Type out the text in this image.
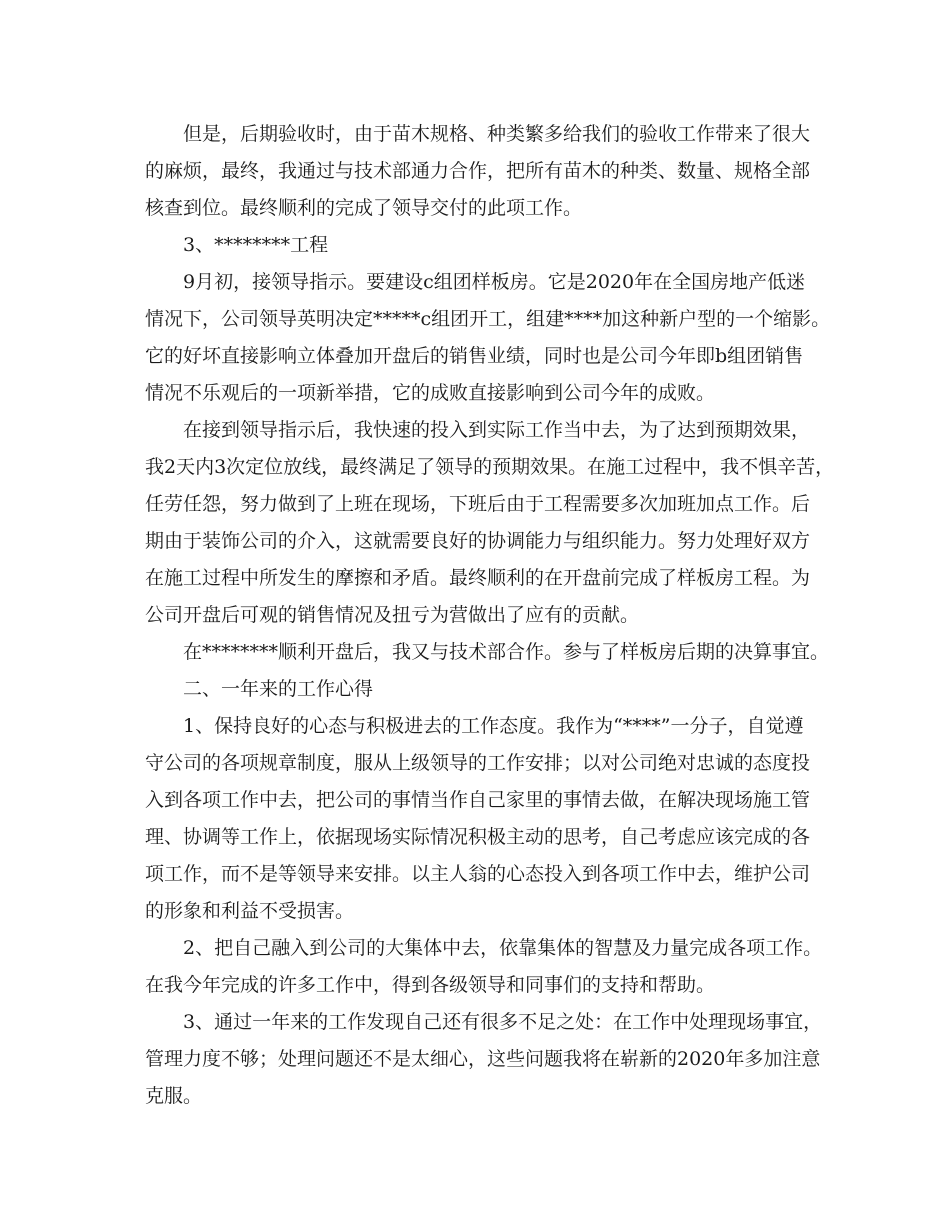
但是，后期验收时，由于苗木规格、种类繁多给我们的验收工作带来了很大
的麻烦，最终，我通过与技术部通力合作，把所有苗木的种类、数量、规格全部
核查到位。最终顺利的完成了领导交付的此项工作。
3、********工程
9月初，接领导指示。要建设c组团样板房。它是2020年在全国房地产低迷
情况下，公司领导英明决定*****c组团开工，组建****加这种新户型的一个缩影。
它的好坏直接影响立体叠加开盘后的销售业绩，同时也是公司今年即b组团销售
情况不乐观后的一项新举措，它的成败直接影响到公司今年的成败。
在接到领导指示后，我快速的投入到实际工作当中去，为了达到预期效果，
我2天内3次定位放线，最终满足了领导的预期效果。在施工过程中，我不惧辛苦，
任劳任怨，努力做到了上班在现场，下班后由于工程需要多次加班加点工作。后
期由于装饰公司的介入，这就需要良好的协调能力与组织能力。努力处理好双方
在施工过程中所发生的摩擦和矛盾。最终顺利的在开盘前完成了样板房工程。为
公司开盘后可观的销售情况及扭亏为营做出了应有的贡献。
在********顺利开盘后，我又与技术部合作。参与了样板房后期的决算事宜。
二、一年来的工作心得
1、保持良好的心态与积极进去的工作态度。我作为“****”一分子，自觉遵
守公司的各项规章制度，服从上级领导的工作安排；以对公司绝对忠诚的态度投
入到各项工作中去，把公司的事情当作自己家里的事情去做，在解决现场施工管
理、协调等工作上，依据现场实际情况积极主动的思考，自己考虑应该完成的各
项工作，而不是等领导来安排。以主人翁的心态投入到各项工作中去，维护公司
的形象和利益不受损害。
2、把自己融入到公司的大集体中去，依靠集体的智慧及力量完成各项工作。
在我今年完成的许多工作中，得到各级领导和同事们的支持和帮助。
3、通过一年来的工作发现自己还有很多不足之处：在工作中处理现场事宜，
管理力度不够；处理问题还不是太细心，这些问题我将在崭新的2020年多加注意
克服。
